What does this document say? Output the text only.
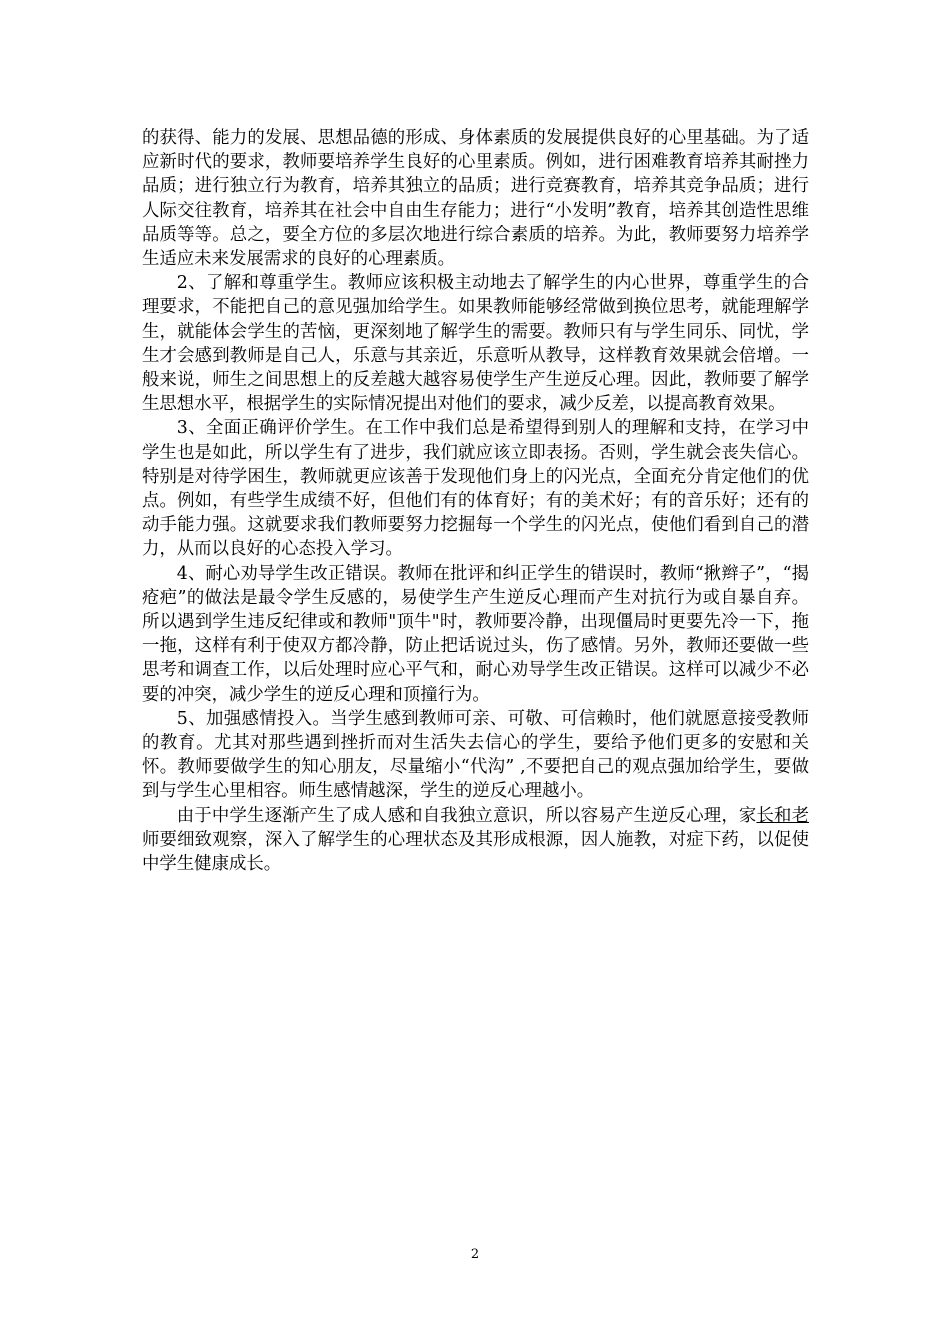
的获得、能力的发展、思想品德的形成、身体素质的发展提供良好的心里基础。为了适应新时代的要求，教师要培养学生良好的心里素质。例如，进行困难教育培养其耐挫力品质；进行独立行为教育，培养其独立的品质；进行竞赛教育，培养其竞争品质；进行人际交往教育，培养其在社会中自由生存能力；进行“小发明”教育，培养其创造性思维品质等等。总之，要全方位的多层次地进行综合素质的培养。为此，教师要努力培养学生适应未来发展需求的良好的心理素质。

2、了解和尊重学生。教师应该积极主动地去了解学生的内心世界，尊重学生的合理要求，不能把自己的意见强加给学生。如果教师能够经常做到换位思考，就能理解学生，就能体会学生的苦恼，更深刻地了解学生的需要。教师只有与学生同乐、同忧，学生才会感到教师是自己人，乐意与其亲近，乐意听从教导，这样教育效果就会倍增。一般来说，师生之间思想上的反差越大越容易使学生产生逆反心理。因此，教师要了解学生思想水平，根据学生的实际情况提出对他们的要求，减少反差，以提高教育效果。

3、全面正确评价学生。在工作中我们总是希望得到别人的理解和支持，在学习中学生也是如此，所以学生有了进步，我们就应该立即表扬。否则，学生就会丧失信心。特别是对待学困生，教师就更应该善于发现他们身上的闪光点，全面充分肯定他们的优点。例如，有些学生成绩不好，但他们有的体育好；有的美术好；有的音乐好；还有的动手能力强。这就要求我们教师要努力挖掘每一个学生的闪光点，使他们看到自己的潜力，从而以良好的心态投入学习。

4、耐心劝导学生改正错误。教师在批评和纠正学生的错误时，教师“揪辫子”，“揭疮疤”的做法是最令学生反感的，易使学生产生逆反心理而产生对抗行为或自暴自弃。所以遇到学生违反纪律或和教师"顶牛"时，教师要冷静，出现僵局时更要先冷一下，拖一拖，这样有利于使双方都冷静，防止把话说过头，伤了感情。另外，教师还要做一些思考和调查工作，以后处理时应心平气和，耐心劝导学生改正错误。这样可以减少不必要的冲突，减少学生的逆反心理和顶撞行为。

5、加强感情投入。当学生感到教师可亲、可敬、可信赖时，他们就愿意接受教师的教育。尤其对那些遇到挫折而对生活失去信心的学生，要给予他们更多的安慰和关怀。教师要做学生的知心朋友，尽量缩小“代沟” ,不要把自己的观点强加给学生，要做到与学生心里相容。师生感情越深，学生的逆反心理越小。

由于中学生逐渐产生了成人感和自我独立意识，所以容易产生逆反心理，家长和老师要细致观察，深入了解学生的心理状态及其形成根源，因人施教，对症下药，以促使中学生健康成长。

2
